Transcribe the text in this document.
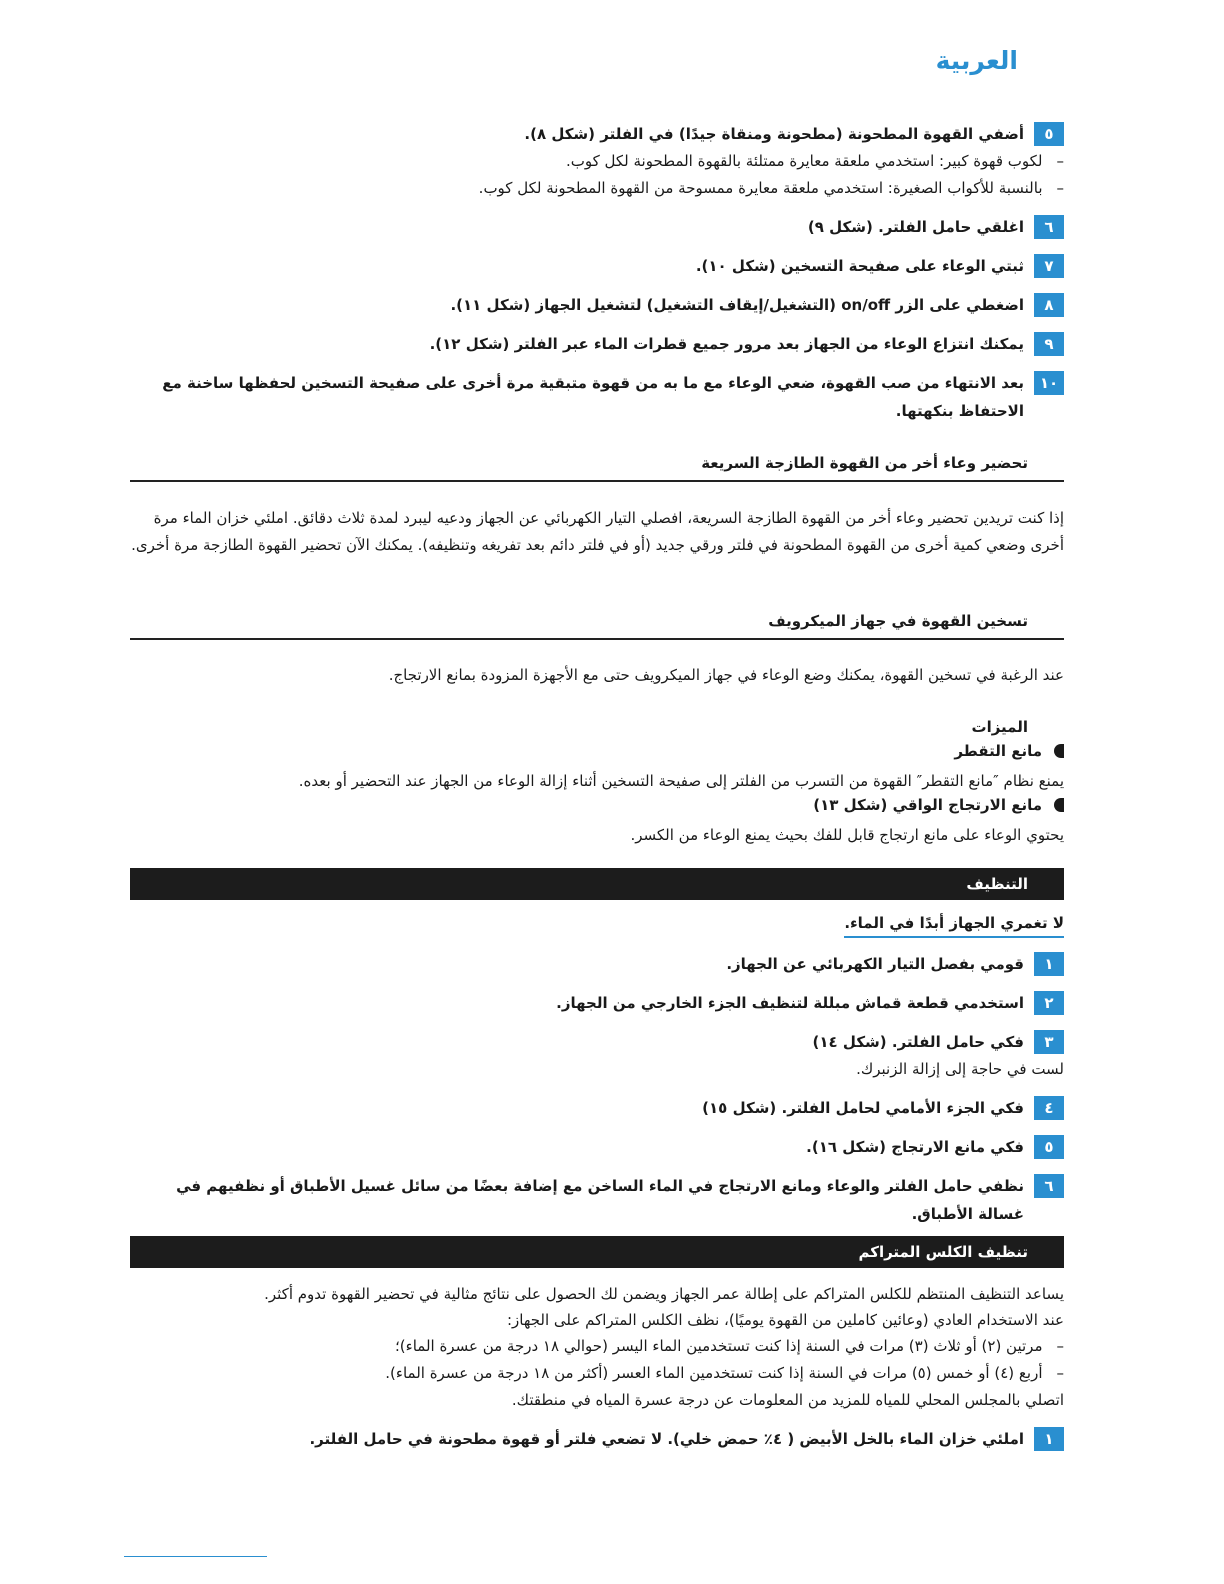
العربية
٥
أضفي القهوة المطحونة (مطحونة ومنقاة جيدًا) في الفلتر (شكل ٨).
– لكوب قهوة كبير: استخدمي ملعقة معايرة ممتلئة بالقهوة المطحونة لكل كوب.
– بالنسبة للأكواب الصغيرة: استخدمي ملعقة معايرة ممسوحة من القهوة المطحونة لكل كوب.
٦
اغلقي حامل الفلتر. (شكل ٩)
٧
ثبتي الوعاء على صفيحة التسخين (شكل ١٠).
٨
اضغطي على الزر on/off (التشغيل/إيقاف التشغيل) لتشغيل الجهاز (شكل ١١).
٩
يمكنك انتزاع الوعاء من الجهاز بعد مرور جميع قطرات الماء عبر الفلتر (شكل ١٢).
١٠
بعد الانتهاء من صب القهوة، ضعي الوعاء مع ما به من قهوة متبقية مرة أخرى على صفيحة التسخين لحفظها ساخنة مع الاحتفاظ بنكهتها.
تحضير وعاء أخر من القهوة الطازجة السريعة
إذا كنت تريدين تحضير وعاء أخر من القهوة الطازجة السريعة، افصلي التيار الكهربائي عن الجهاز ودعيه ليبرد لمدة ثلاث دقائق. املئي خزان الماء مرة أخرى وضعي كمية أخرى من القهوة المطحونة في فلتر ورقي جديد (أو في فلتر دائم بعد تفريغه وتنظيفه). يمكنك الآن تحضير القهوة الطازجة مرة أخرى.
تسخين القهوة في جهاز الميكرويف
عند الرغبة في تسخين القهوة، يمكنك وضع الوعاء في جهاز الميكرويف حتى مع الأجهزة المزودة بمانع الارتجاج.
الميزات
مانع التقطر
يمنع نظام ″مانع التقطر″ القهوة من التسرب من الفلتر إلى صفيحة التسخين أثناء إزالة الوعاء من الجهاز عند التحضير أو بعده.
مانع الارتجاج الواقي (شكل ١٣)
يحتوي الوعاء على مانع ارتجاج قابل للفك بحيث يمنع الوعاء من الكسر.
التنظيف
لا تغمري الجهاز أبدًا في الماء.
١
قومي بفصل التيار الكهربائي عن الجهاز.
٢
استخدمي قطعة قماش مبللة لتنظيف الجزء الخارجي من الجهاز.
٣
فكي حامل الفلتر. (شكل ١٤)
لست في حاجة إلى إزالة الزنبرك.
٤
فكي الجزء الأمامي لحامل الفلتر. (شكل ١٥)
٥
فكي مانع الارتجاج (شكل ١٦).
٦
نظفي حامل الفلتر والوعاء ومانع الارتجاج في الماء الساخن مع إضافة بعضًا من سائل غسيل الأطباق أو نظفيهم في غسالة الأطباق.
تنظيف الكلس المتراكم
يساعد التنظيف المنتظم للكلس المتراكم على إطالة عمر الجهاز ويضمن لك الحصول على نتائج مثالية في تحضير القهوة تدوم أكثر.
عند الاستخدام العادي (وعائين كاملين من القهوة يوميًا)، نظف الكلس المتراكم على الجهاز:
– مرتين (٢) أو ثلاث (٣) مرات في السنة إذا كنت تستخدمين الماء اليسر (حوالي ١٨ درجة من عسرة الماء)؛
– أربع (٤) أو خمس (٥) مرات في السنة إذا كنت تستخدمين الماء العسر (أكثر من ١٨ درجة من عسرة الماء).
اتصلي بالمجلس المحلي للمياه للمزيد من المعلومات عن درجة عسرة المياه في منطقتك.
١
املئي خزان الماء بالخل الأبيض ( ٤٪ حمض خلي). لا تضعي فلتر أو قهوة مطحونة في حامل الفلتر.
